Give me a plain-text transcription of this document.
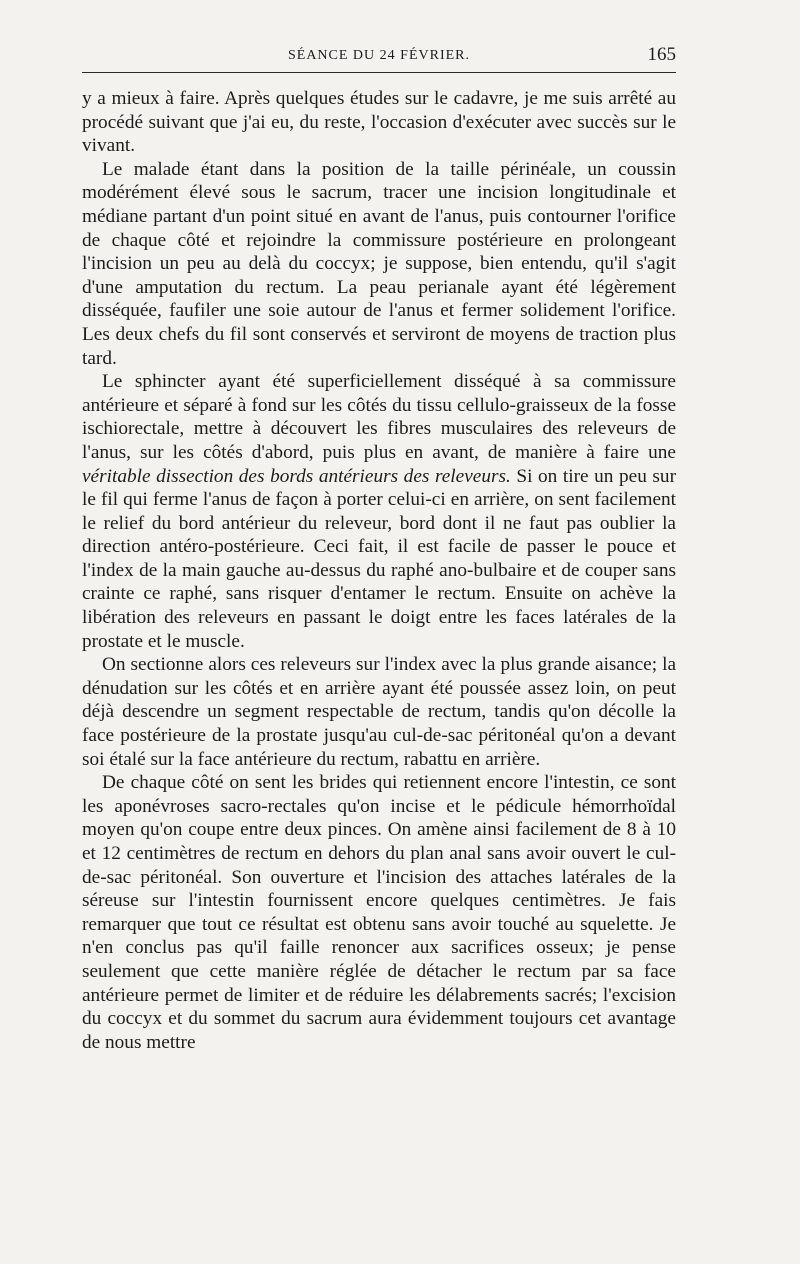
SÉANCE DU 24 FÉVRIER.	165

y a mieux à faire. Après quelques études sur le cadavre, je me suis arrêté au procédé suivant que j'ai eu, du reste, l'occasion d'exécuter avec succès sur le vivant.

Le malade étant dans la position de la taille périnéale, un coussin modérément élevé sous le sacrum, tracer une incision longitudinale et médiane partant d'un point situé en avant de l'anus, puis contourner l'orifice de chaque côté et rejoindre la commissure postérieure en prolongeant l'incision un peu au delà du coccyx; je suppose, bien entendu, qu'il s'agit d'une amputation du rectum. La peau perianale ayant été légèrement disséquée, faufiler une soie autour de l'anus et fermer solidement l'orifice. Les deux chefs du fil sont conservés et serviront de moyens de traction plus tard.

Le sphincter ayant été superficiellement disséqué à sa commissure antérieure et séparé à fond sur les côtés du tissu cellulo-graisseux de la fosse ischiorectale, mettre à découvert les fibres musculaires des releveurs de l'anus, sur les côtés d'abord, puis plus en avant, de manière à faire une véritable dissection des bords antérieurs des releveurs. Si on tire un peu sur le fil qui ferme l'anus de façon à porter celui-ci en arrière, on sent facilement le relief du bord antérieur du releveur, bord dont il ne faut pas oublier la direction antéro-postérieure. Ceci fait, il est facile de passer le pouce et l'index de la main gauche au-dessus du raphé ano-bulbaire et de couper sans crainte ce raphé, sans risquer d'entamer le rectum. Ensuite on achève la libération des releveurs en passant le doigt entre les faces latérales de la prostate et le muscle.

On sectionne alors ces releveurs sur l'index avec la plus grande aisance; la dénudation sur les côtés et en arrière ayant été poussée assez loin, on peut déjà descendre un segment respectable de rectum, tandis qu'on décolle la face postérieure de la prostate jusqu'au cul-de-sac péritonéal qu'on a devant soi étalé sur la face antérieure du rectum, rabattu en arrière.

De chaque côté on sent les brides qui retiennent encore l'intestin, ce sont les aponévroses sacro-rectales qu'on incise et le pédicule hémorrhoïdal moyen qu'on coupe entre deux pinces. On amène ainsi facilement de 8 à 10 et 12 centimètres de rectum en dehors du plan anal sans avoir ouvert le cul-de-sac péritonéal. Son ouverture et l'incision des attaches latérales de la séreuse sur l'intestin fournissent encore quelques centimètres. Je fais remarquer que tout ce résultat est obtenu sans avoir touché au squelette. Je n'en conclus pas qu'il faille renoncer aux sacrifices osseux; je pense seulement que cette manière réglée de détacher le rectum par sa face antérieure permet de limiter et de réduire les délabrements sacrés; l'excision du coccyx et du sommet du sacrum aura évidemment toujours cet avantage de nous mettre
